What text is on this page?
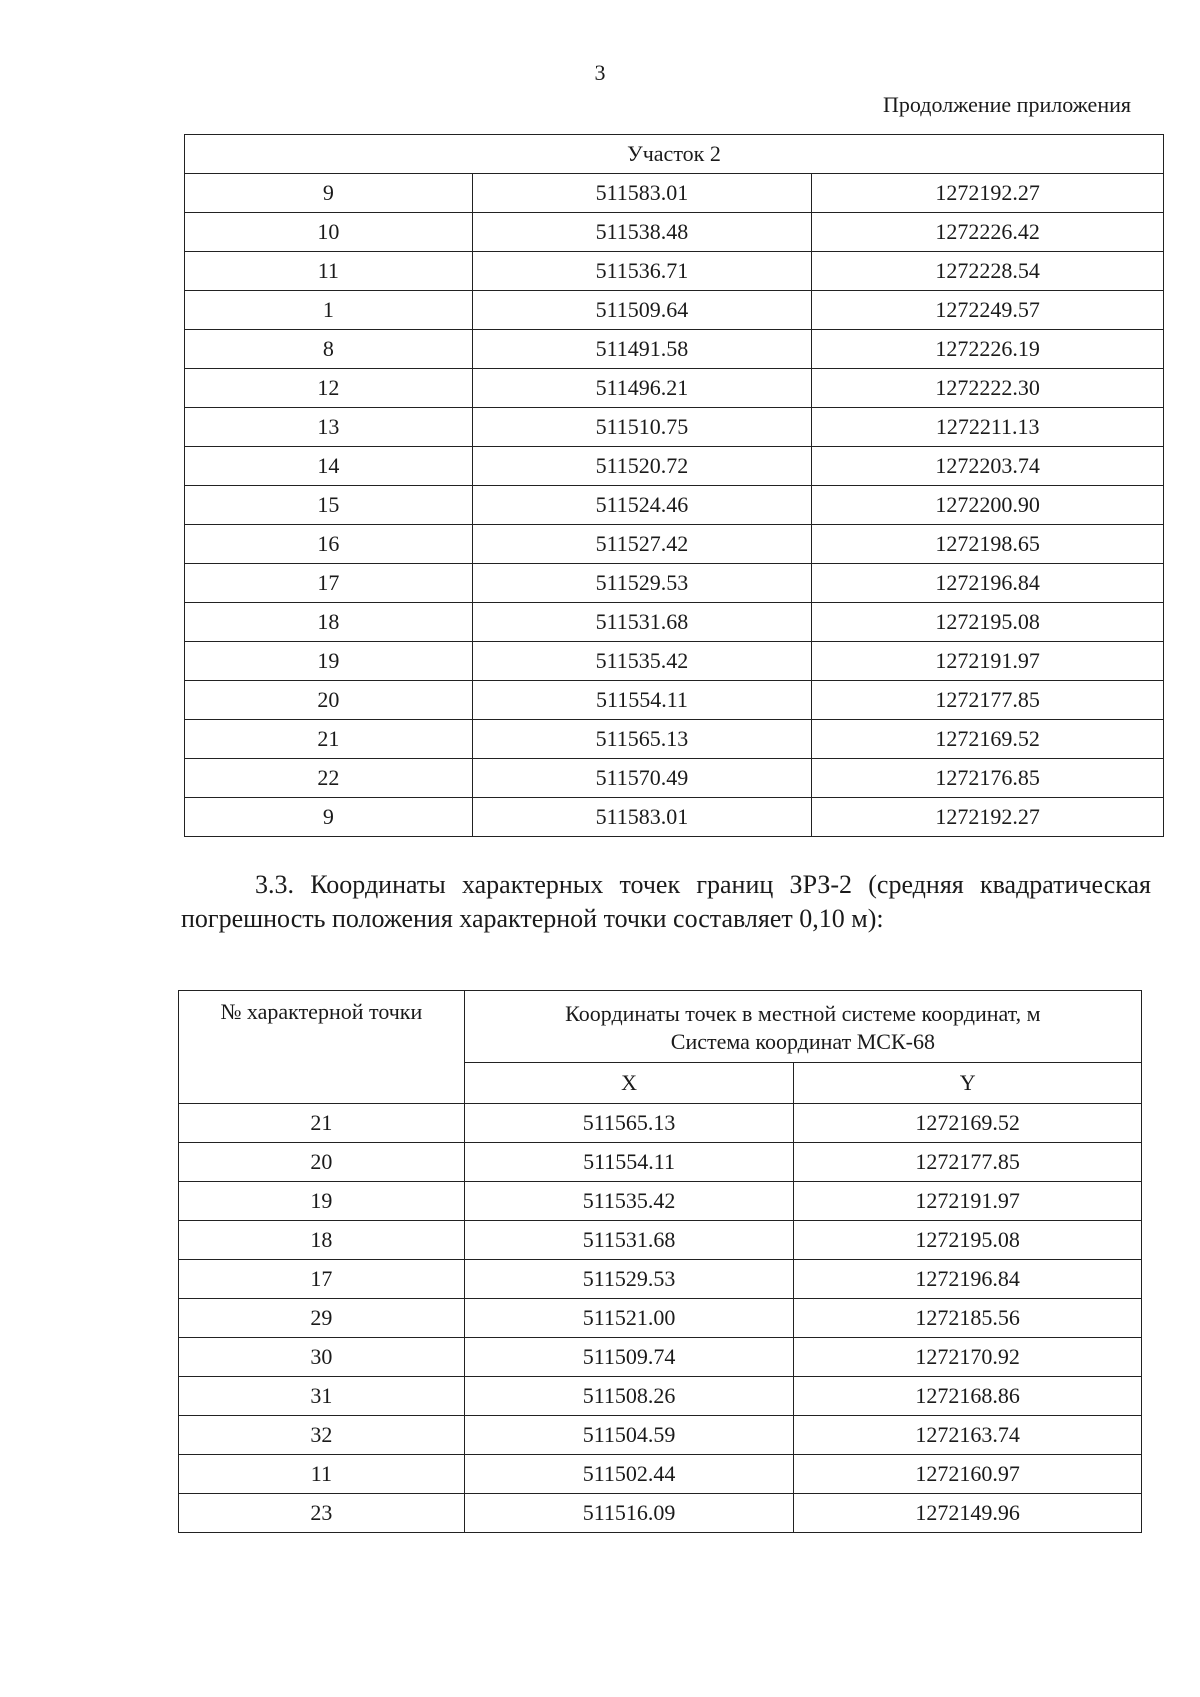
3
Продолжение приложения
Участок 2		
9	511583.01	1272192.27
10	511538.48	1272226.42
11	511536.71	1272228.54
1	511509.64	1272249.57
8	511491.58	1272226.19
12	511496.21	1272222.30
13	511510.75	1272211.13
14	511520.72	1272203.74
15	511524.46	1272200.90
16	511527.42	1272198.65
17	511529.53	1272196.84
18	511531.68	1272195.08
19	511535.42	1272191.97
20	511554.11	1272177.85
21	511565.13	1272169.52
22	511570.49	1272176.85
9	511583.01	1272192.27
3.3. Координаты характерных точек границ ЗРЗ-2 (средняя квадратическая погрешность положения характерной точки составляет 0,10 м):
№ характерной точки	Координаты точек в местной системе координат, м
Система координат МСК-68	
	X	Y
21	511565.13	1272169.52
20	511554.11	1272177.85
19	511535.42	1272191.97
18	511531.68	1272195.08
17	511529.53	1272196.84
29	511521.00	1272185.56
30	511509.74	1272170.92
31	511508.26	1272168.86
32	511504.59	1272163.74
11	511502.44	1272160.97
23	511516.09	1272149.96
